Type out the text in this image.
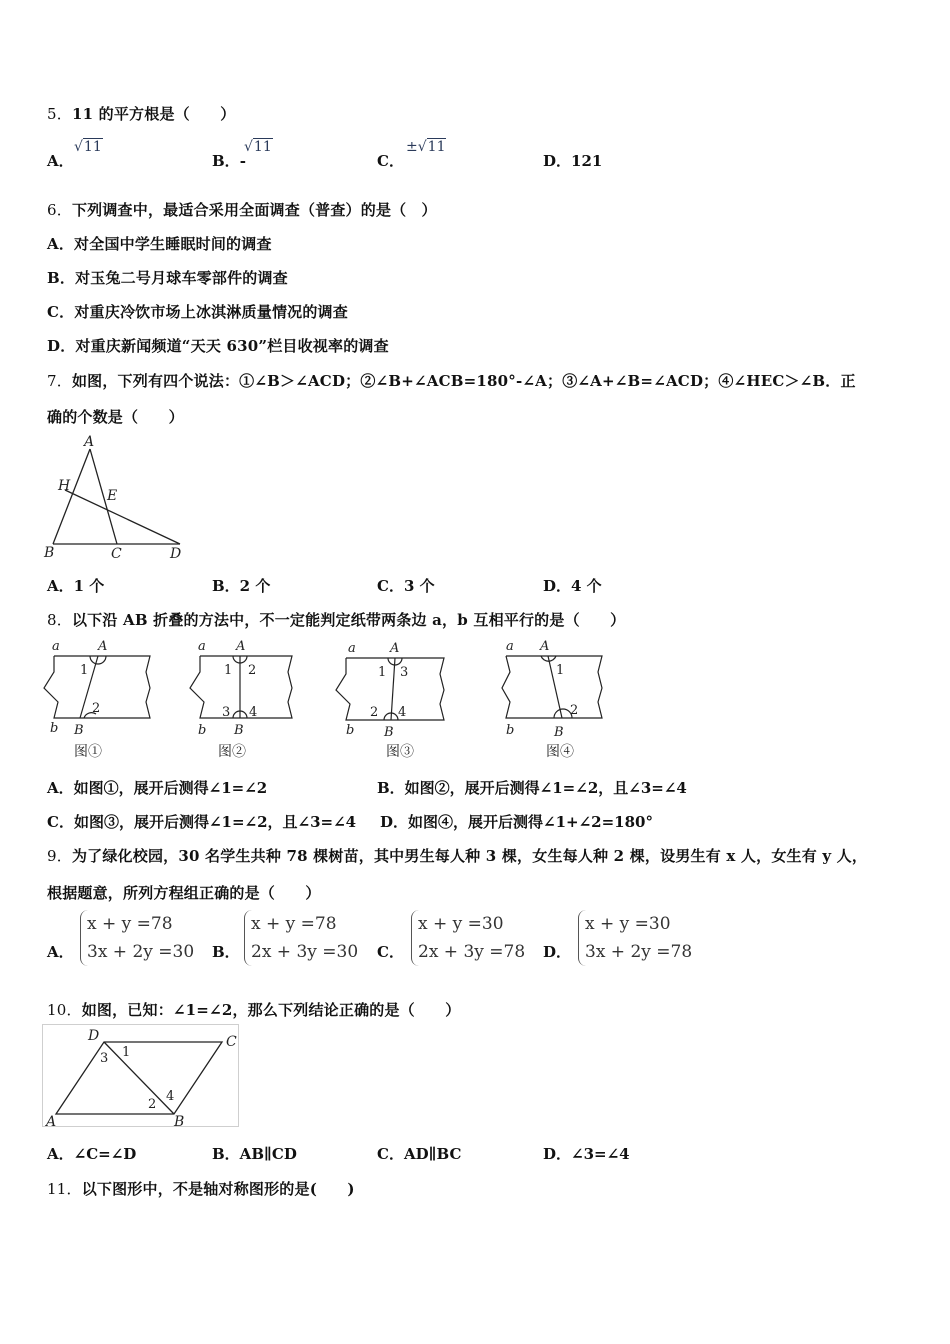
5．11 的平方根是（　　）
A．
√11
B．-
√11
C．
±√11
D．121
6．下列调查中，最适合采用全面调查（普查）的是（　）
A．对全国中学生睡眠时间的调查
B．对玉兔二号月球车零部件的调查
C．对重庆冷饮市场上冰淇淋质量情况的调查
D．对重庆新闻频道“天天 630”栏目收视率的调查
7．如图，下列有四个说法：①∠B＞∠ACD；②∠B+∠ACB=180°-∠A；③∠A+∠B=∠ACD；④∠HEC＞∠B．正
确的个数是（　　）
A
H
E
B	C	D
A．1 个	B．2 个	C．3 个	D．4 个
8．以下沿 AB 折叠的方法中，不一定能判定纸带两条边 a，b 互相平行的是（　　）
a	A
1
b B
2
a A
1 2
3 4
b B
a	A
1 3
2 4
b B
a A
1
b	B
2
图①	图②	图③	图④
A．如图①，展开后测得∠1=∠2	B．如图②，展开后测得∠1=∠2，且∠3=∠4
C．如图③，展开后测得∠1=∠2，且∠3=∠4 D．如图④，展开后测得∠1+∠2=180°
9．为了绿化校园，30 名学生共种 78 棵树苗，其中男生每人种 3 棵，女生每人种 2 棵，设男生有 x 人，女生有 y 人，
根据题意，所列方程组正确的是（　　）
A．
x + y =78
3x + 2y =30 B．
x + y =78
2x + 3y =30 C．
x + y =30
2x + 3y =78 D．
x + y =30
3x + 2y =78
10．如图，已知：∠1=∠2，那么下列结论正确的是（　　）
D	C
A	B
1
2
3
4
A．∠C=∠D	B．AB∥CD	C．AD∥BC	D．∠3=∠4
11．以下图形中，不是轴对称图形的是(　　)
